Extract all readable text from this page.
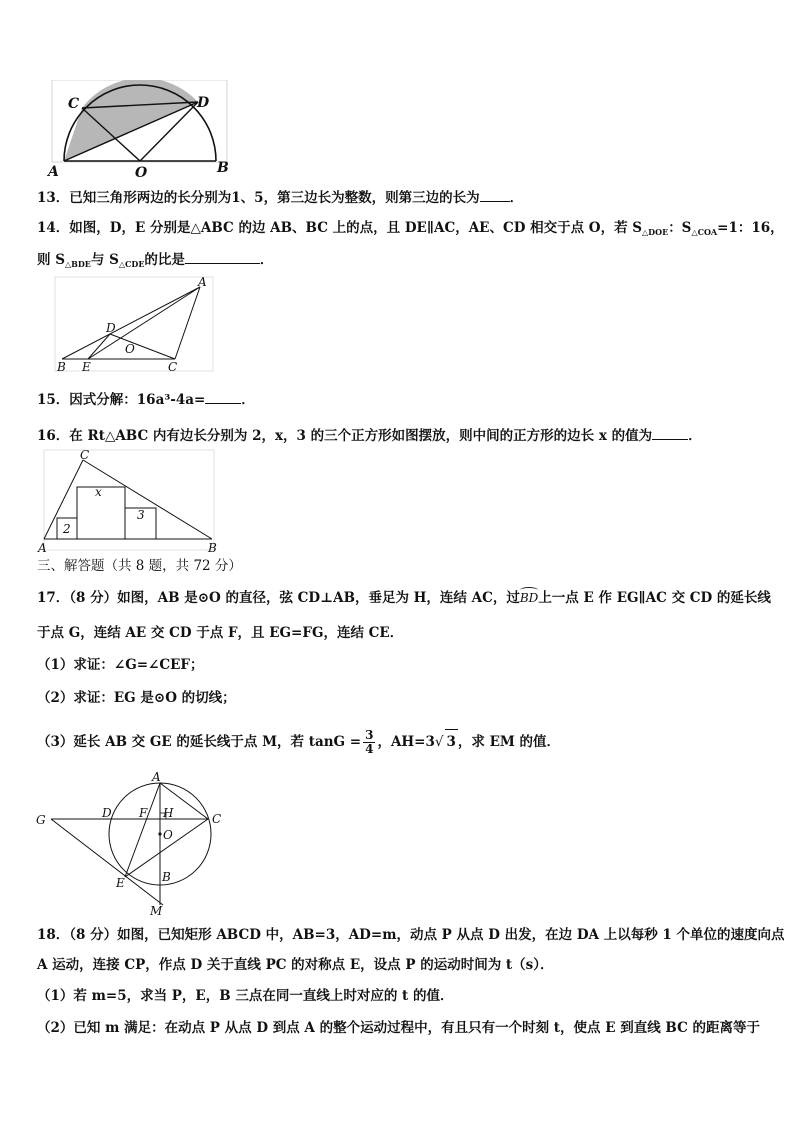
C	D
A	O	B
13．已知三角形两边的长分别为1、5，第三边长为整数，则第三边的长为 ．
14．如图，D，E 分别是△ABC 的边 AB、BC 上的点，且 DE∥AC，AE、CD 相交于点 O，若 $S_{\triangle DOE}$：$S_{\triangle COA}=1$：16，
则 $S_{\triangle BDE}$与 $S_{\triangle CDE}$的比是	．
A
B	C
D
E
O
15．因式分解：16a³-4a=	．
16．在 Rt△ABC 内有边长分别为 2，x，3 的三个正方形如图摆放，则中间的正方形的边长 x 的值为	．
C
A	B
2
x
3
三、解答题（共 8 题，共 72 分）
17．（8 分）如图，AB 是⊙O 的直径，弦 CD⊥AB，垂足为 H，连结 AC，过BD上一点 E 作 EG∥AC 交 CD 的延长线
于点 G，连结 AE 交 CD 于点 F，且 EG=FG，连结 CE．
（1）求证：∠G=∠CEF；
（2）求证：EG 是⊙O 的切线；
（3）延长 AB 交 GE 的延长线于点 M，若 $\tan G = \frac{3}{4}$ ，AH=3√ 3 ，求 EM 的值．
G	D F H
A
C
O
E	B
M
18．（8 分）如图，已知矩形 ABCD 中，AB=3，AD=m，动点 P 从点 D 出发，在边 DA 上以每秒 1 个单位的速度向点
A 运动，连接 CP，作点 D 关于直线 PC 的对称点 E，设点 P 的运动时间为 t（s）．
（1）若 m=5，求当 P，E，B 三点在同一直线上时对应的 t 的值．
（2）已知 m 满足：在动点 P 从点 D 到点 A 的整个运动过程中，有且只有一个时刻 t，使点 E 到直线 BC 的距离等于
